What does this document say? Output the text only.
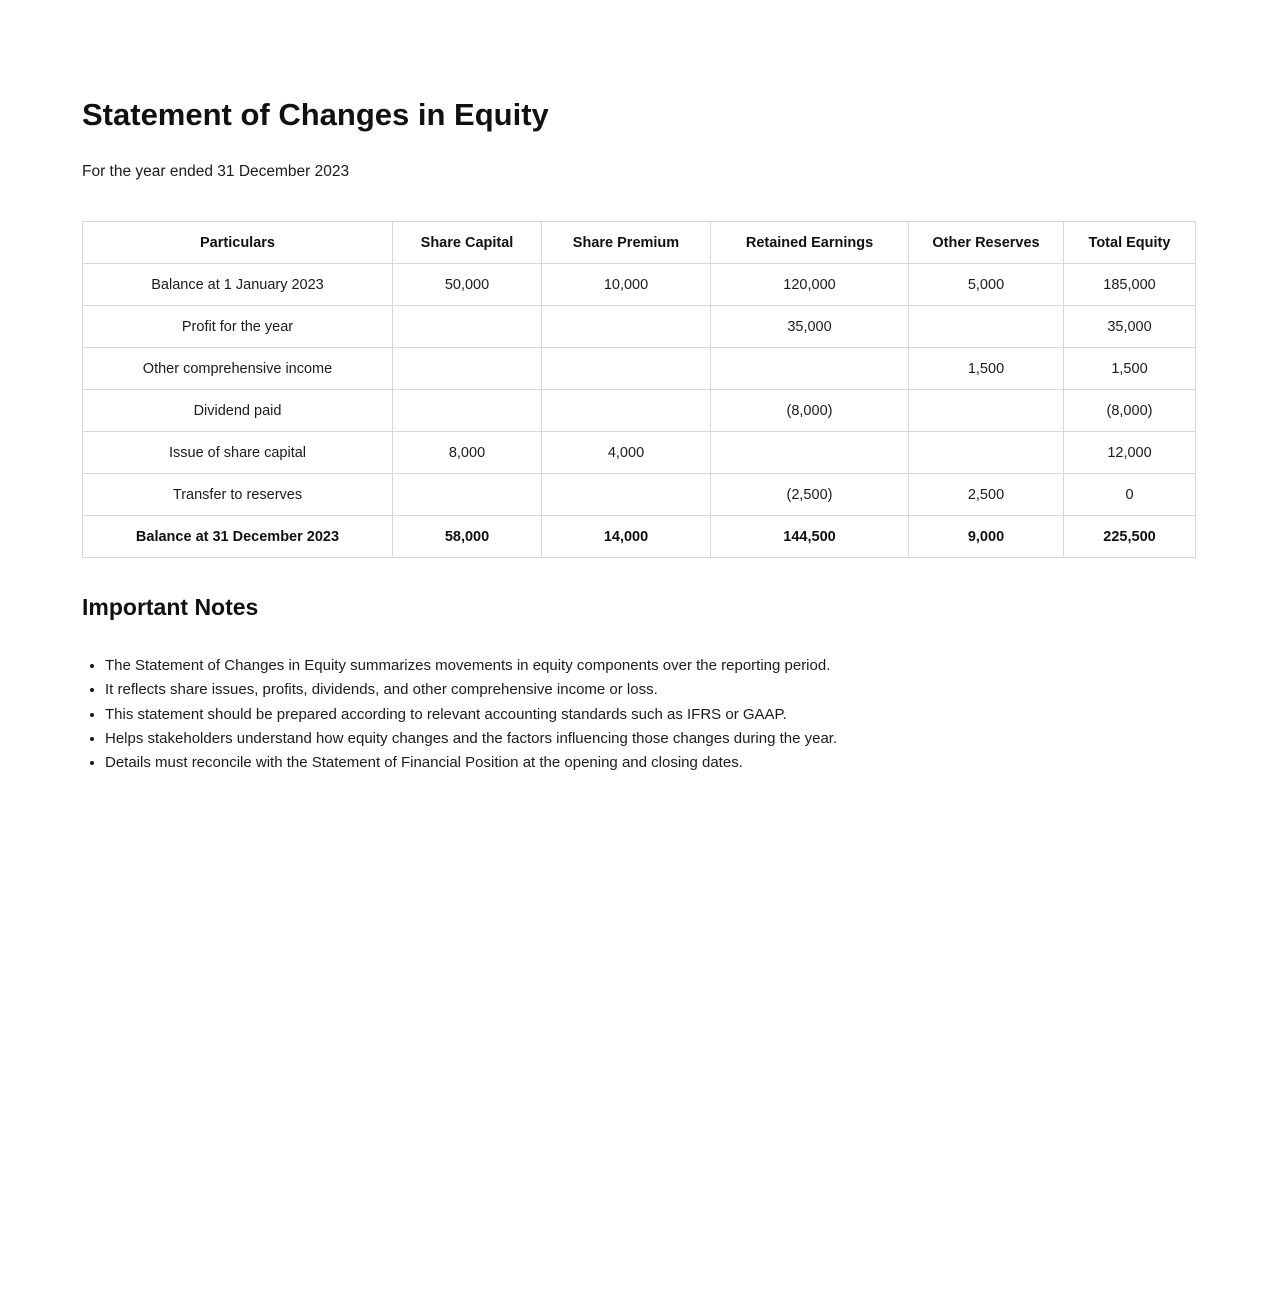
Statement of Changes in Equity

For the year ended 31 December 2023

Particulars	Share Capital	Share Premium	Retained Earnings	Other Reserves	Total Equity
Balance at 1 January 2023	50,000	10,000	120,000	5,000	185,000
Profit for the year			35,000		35,000
Other comprehensive income				1,500	1,500
Dividend paid			(8,000)		(8,000)
Issue of share capital	8,000	4,000			12,000
Transfer to reserves			(2,500)	2,500	0
Balance at 31 December 2023	58,000	14,000	144,500	9,000	225,500
Important Notes
• The Statement of Changes in Equity summarizes movements in equity components over the reporting period.
• It reflects share issues, profits, dividends, and other comprehensive income or loss.
• This statement should be prepared according to relevant accounting standards such as IFRS or GAAP.
• Helps stakeholders understand how equity changes and the factors influencing those changes during the year.
• Details must reconcile with the Statement of Financial Position at the opening and closing dates.
